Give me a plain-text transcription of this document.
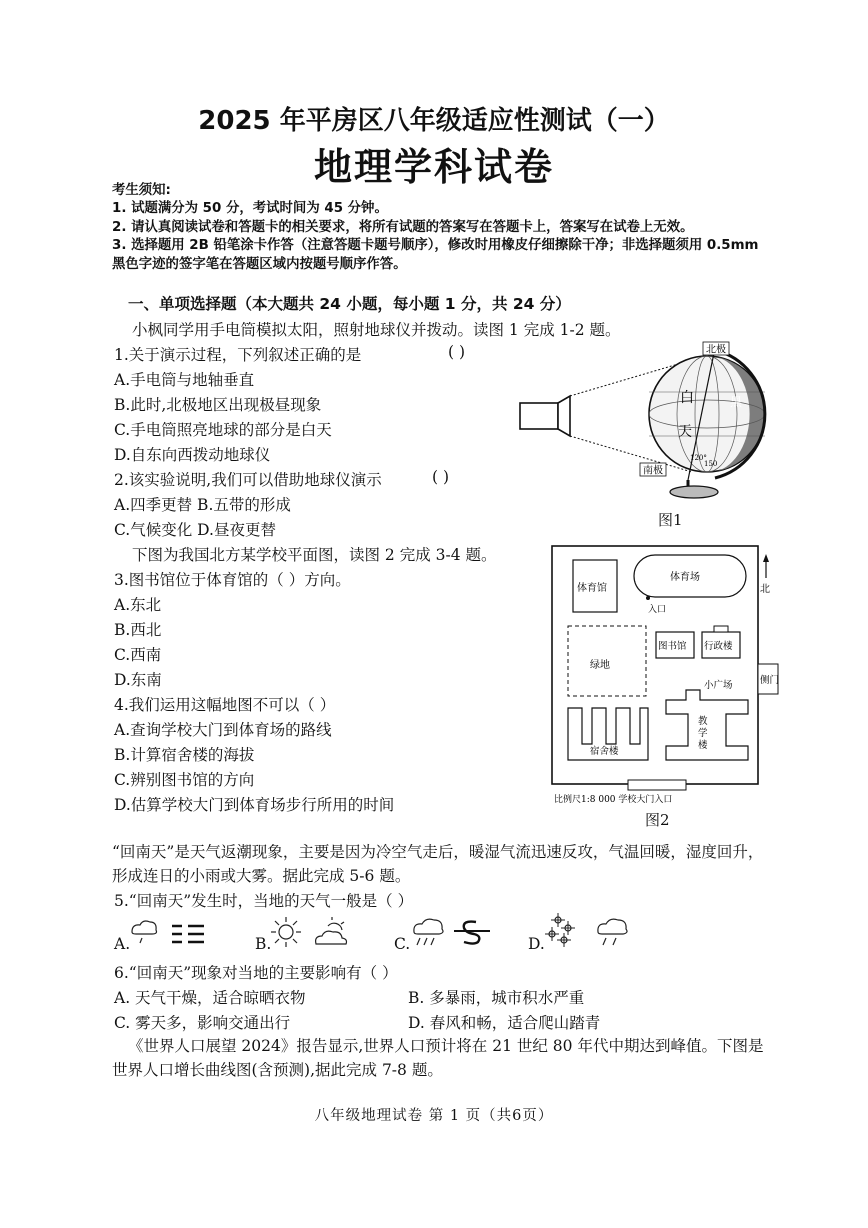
2025 年平房区八年级适应性测试（一）
地理学科试卷
考生须知:
1. 试题满分为 50 分，考试时间为 45 分钟。
2. 请认真阅读试卷和答题卡的相关要求，将所有试题的答案写在答题卡上，答案写在试卷上无效。
3. 选择题用 2B 铅笔涂卡作答（注意答题卡题号顺序），修改时用橡皮仔细擦除干净；非选择题须用 0.5mm 黑色字迹的签字笔在答题区域内按题号顺序作答。
一、单项选择题（本大题共 24 小题，每小题 1 分，共 24 分）
小枫同学用手电筒模拟太阳，照射地球仪并拨动。读图 1 完成 1-2 题。
1.关于演示过程，下列叙述正确的是	( )
A.手电筒与地轴垂直
B.此时,北极地区出现极昼现象
C.手电筒照亮地球的部分是白天
D.自东向西拨动地球仪
2.该实验说明,我们可以借助地球仪演示	( )
A.四季更替 B.五带的形成
C.气候变化 D.昼夜更替
北极
南极
白
天
黑
120°
150
图1
下图为我国北方某学校平面图，读图 2 完成 3-4 题。
3.图书馆位于体育馆的（ ）方向。
A.东北
B.西北
C.西南
D.东南
4.我们运用这幅地图不可以（ ）
A.查询学校大门到体育场的路线
B.计算宿舍楼的海拔
C.辨别图书馆的方向
D.估算学校大门到体育场步行所用的时间
北
体育馆
体育场
入口
绿地
图书馆 行政楼
小广场	侧门
教
学
楼
宿舍楼
比例尺1:8 000 学校大门入口
图2
“回南天”是天气返潮现象，主要是因为冷空气走后，暖湿气流迅速反攻，气温回暖，湿度回升，形成连日的小雨或大雾。据此完成 5-6 题。
5.“回南天”发生时，当地的天气一般是（ ）
A.	B.	C.	D.
6.“回南天”现象对当地的主要影响有（ ）
A. 天气干燥，适合晾晒衣物	B. 多暴雨，城市积水严重
C. 雾天多，影响交通出行	D. 春风和畅，适合爬山踏青
《世界人口展望 2024》报告显示,世界人口预计将在 21 世纪 80 年代中期达到峰值。下图是世界人口增长曲线图(含预测),据此完成 7-8 题。
八年级地理试卷 第 1 页（共6页）
